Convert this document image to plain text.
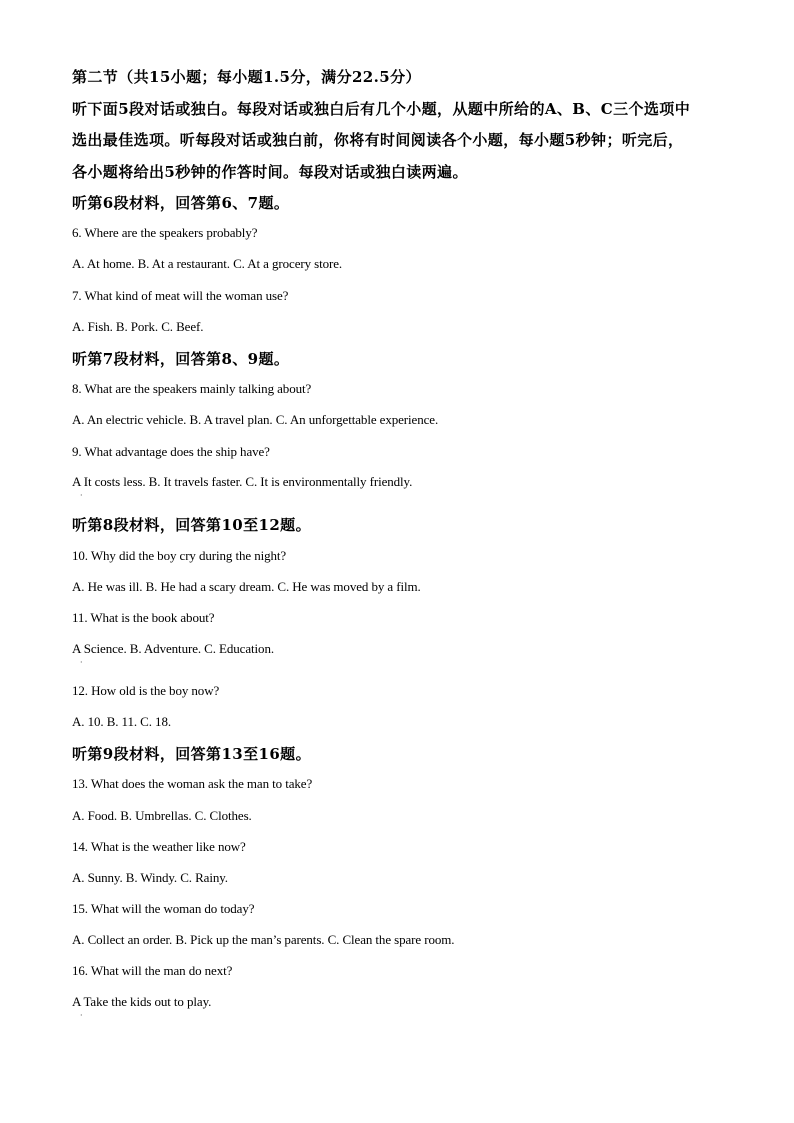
第二节（共15小题；每小题1.5分，满分22.5分）

听下面5段对话或独白。每段对话或独白后有几个小题，从题中所给的A、B、C三个选项中

选出最佳选项。听每段对话或独白前，你将有时间阅读各个小题，每小题5秒钟；听完后，

各小题将给出5秒钟的作答时间。每段对话或独白读两遍。

听第6段材料，回答第6、7题。

6. Where are the speakers probably?

A. At home. B. At a restaurant. C. At a grocery store.

7. What kind of meat will the woman use?

A. Fish. B. Pork. C. Beef.

听第7段材料，回答第8、9题。

8. What are the speakers mainly talking about?

A. An electric vehicle. B. A travel plan. C. An unforgettable experience.

9. What advantage does the ship have?

A It costs less. B. It travels faster. C. It is environmentally friendly.

·

听第8段材料，回答第10至12题。

10. Why did the boy cry during the night?

A. He was ill. B. He had a scary dream. C. He was moved by a film.

11. What is the book about?

A Science. B. Adventure. C. Education.

·

12. How old is the boy now?

A. 10. B. 11. C. 18.

听第9段材料，回答第13至16题。

13. What does the woman ask the man to take?

A. Food. B. Umbrellas. C. Clothes.

14. What is the weather like now?

A. Sunny. B. Windy. C. Rainy.

15. What will the woman do today?

A. Collect an order. B. Pick up the man’s parents. C. Clean the spare room.

16. What will the man do next?

A Take the kids out to play.

·
